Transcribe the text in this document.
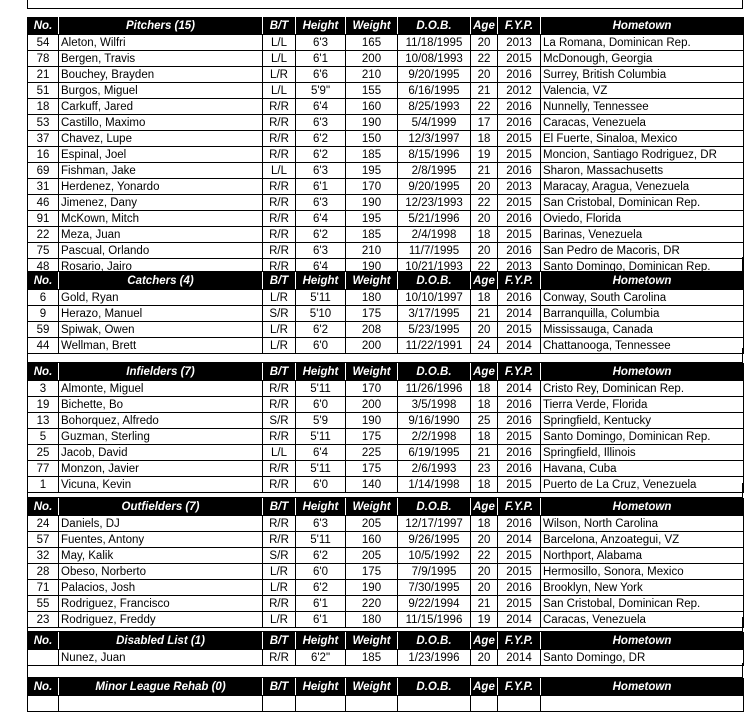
No.	Pitchers (15)	B/T	Height	Weight	D.O.B.	Age	F.Y.P.	Hometown
54	Aleton, Wilfri	L/L	6'3	165	11/18/1995	20	2013	La Romana, Dominican Rep.
78	Bergen, Travis	L/L	6'1	200	10/08/1993	22	2015	McDonough, Georgia
21	Bouchey, Brayden	L/R	6'6	210	9/20/1995	20	2016	Surrey, British Columbia
51	Burgos, Miguel	L/L	5'9"	155	6/16/1995	21	2012	Valencia, VZ
18	Carkuff, Jared	R/R	6'4	160	8/25/1993	22	2016	Nunnelly, Tennessee
53	Castillo, Maximo	R/R	6'3	190	5/4/1999	17	2016	Caracas, Venezuela
37	Chavez, Lupe	R/R	6'2	150	12/3/1997	18	2015	El Fuerte, Sinaloa, Mexico
16	Espinal, Joel	R/R	6'2	185	8/15/1996	19	2015	Moncion, Santiago Rodriguez, DR
69	Fishman, Jake	L/L	6'3	195	2/8/1995	21	2016	Sharon, Massachusetts
31	Herdenez, Yonardo	R/R	6'1	170	9/20/1995	20	2013	Maracay, Aragua, Venezuela
46	Jimenez, Dany	R/R	6'3	190	12/23/1993	22	2015	San Cristobal, Dominican Rep.
91	McKown, Mitch	R/R	6'4	195	5/21/1996	20	2016	Oviedo, Florida
22	Meza, Juan	R/R	6'2	185	2/4/1998	18	2015	Barinas, Venezuela
75	Pascual, Orlando	R/R	6'3	210	11/7/1995	20	2016	San Pedro de Macoris, DR
48	Rosario, Jairo	R/R	6'4	190	10/21/1993	22	2013	Santo Domingo, Dominican Rep.
No.	Catchers (4)	B/T	Height	Weight	D.O.B.	Age	F.Y.P.	Hometown
6	Gold, Ryan	L/R	5'11	180	10/10/1997	18	2016	Conway, South Carolina
9	Herazo, Manuel	S/R	5'10	175	3/17/1995	21	2014	Barranquilla, Columbia
59	Spiwak, Owen	L/R	6'2	208	5/23/1995	20	2015	Mississauga, Canada
44	Wellman, Brett	L/R	6'0	200	11/22/1991	24	2014	Chattanooga, Tennessee
No.	Infielders (7)	B/T	Height	Weight	D.O.B.	Age	F.Y.P.	Hometown
3	Almonte, Miguel	R/R	5'11	170	11/26/1996	18	2014	Cristo Rey, Dominican Rep.
19	Bichette, Bo	R/R	6'0	200	3/5/1998	18	2016	Tierra Verde, Florida
13	Bohorquez, Alfredo	S/R	5'9	190	9/16/1990	25	2016	Springfield, Kentucky
5	Guzman, Sterling	R/R	5'11	175	2/2/1998	18	2015	Santo Domingo, Dominican Rep.
25	Jacob, David	L/L	6'4	225	6/19/1995	21	2016	Springfield, Illinois
77	Monzon, Javier	R/R	5'11	175	2/6/1993	23	2016	Havana, Cuba
1	Vicuna, Kevin	R/R	6'0	140	1/14/1998	18	2015	Puerto de La Cruz, Venezuela
No.	Outfielders (7)	B/T	Height	Weight	D.O.B.	Age	F.Y.P.	Hometown
24	Daniels, DJ	R/R	6'3	205	12/17/1997	18	2016	Wilson, North Carolina
57	Fuentes, Antony	R/R	5'11	160	9/26/1995	20	2014	Barcelona, Anzoategui, VZ
32	May, Kalik	S/R	6'2	205	10/5/1992	22	2015	Northport, Alabama
28	Obeso, Norberto	L/R	6'0	175	7/9/1995	20	2015	Hermosillo, Sonora, Mexico
71	Palacios, Josh	L/R	6'2	190	7/30/1995	20	2016	Brooklyn, New York
55	Rodriguez, Francisco	R/R	6'1	220	9/22/1994	21	2015	San Cristobal, Dominican Rep.
23	Rodriguez, Freddy	L/R	6'1	180	11/15/1996	19	2014	Caracas, Venezuela
No.	Disabled List (1)	B/T	Height	Weight	D.O.B.	Age	F.Y.P.	Hometown
	Nunez, Juan	R/R	6'2"	185	1/23/1996	20	2014	Santo Domingo, DR
No.	Minor League Rehab (0)	B/T	Height	Weight	D.O.B.	Age	F.Y.P.	Hometown
